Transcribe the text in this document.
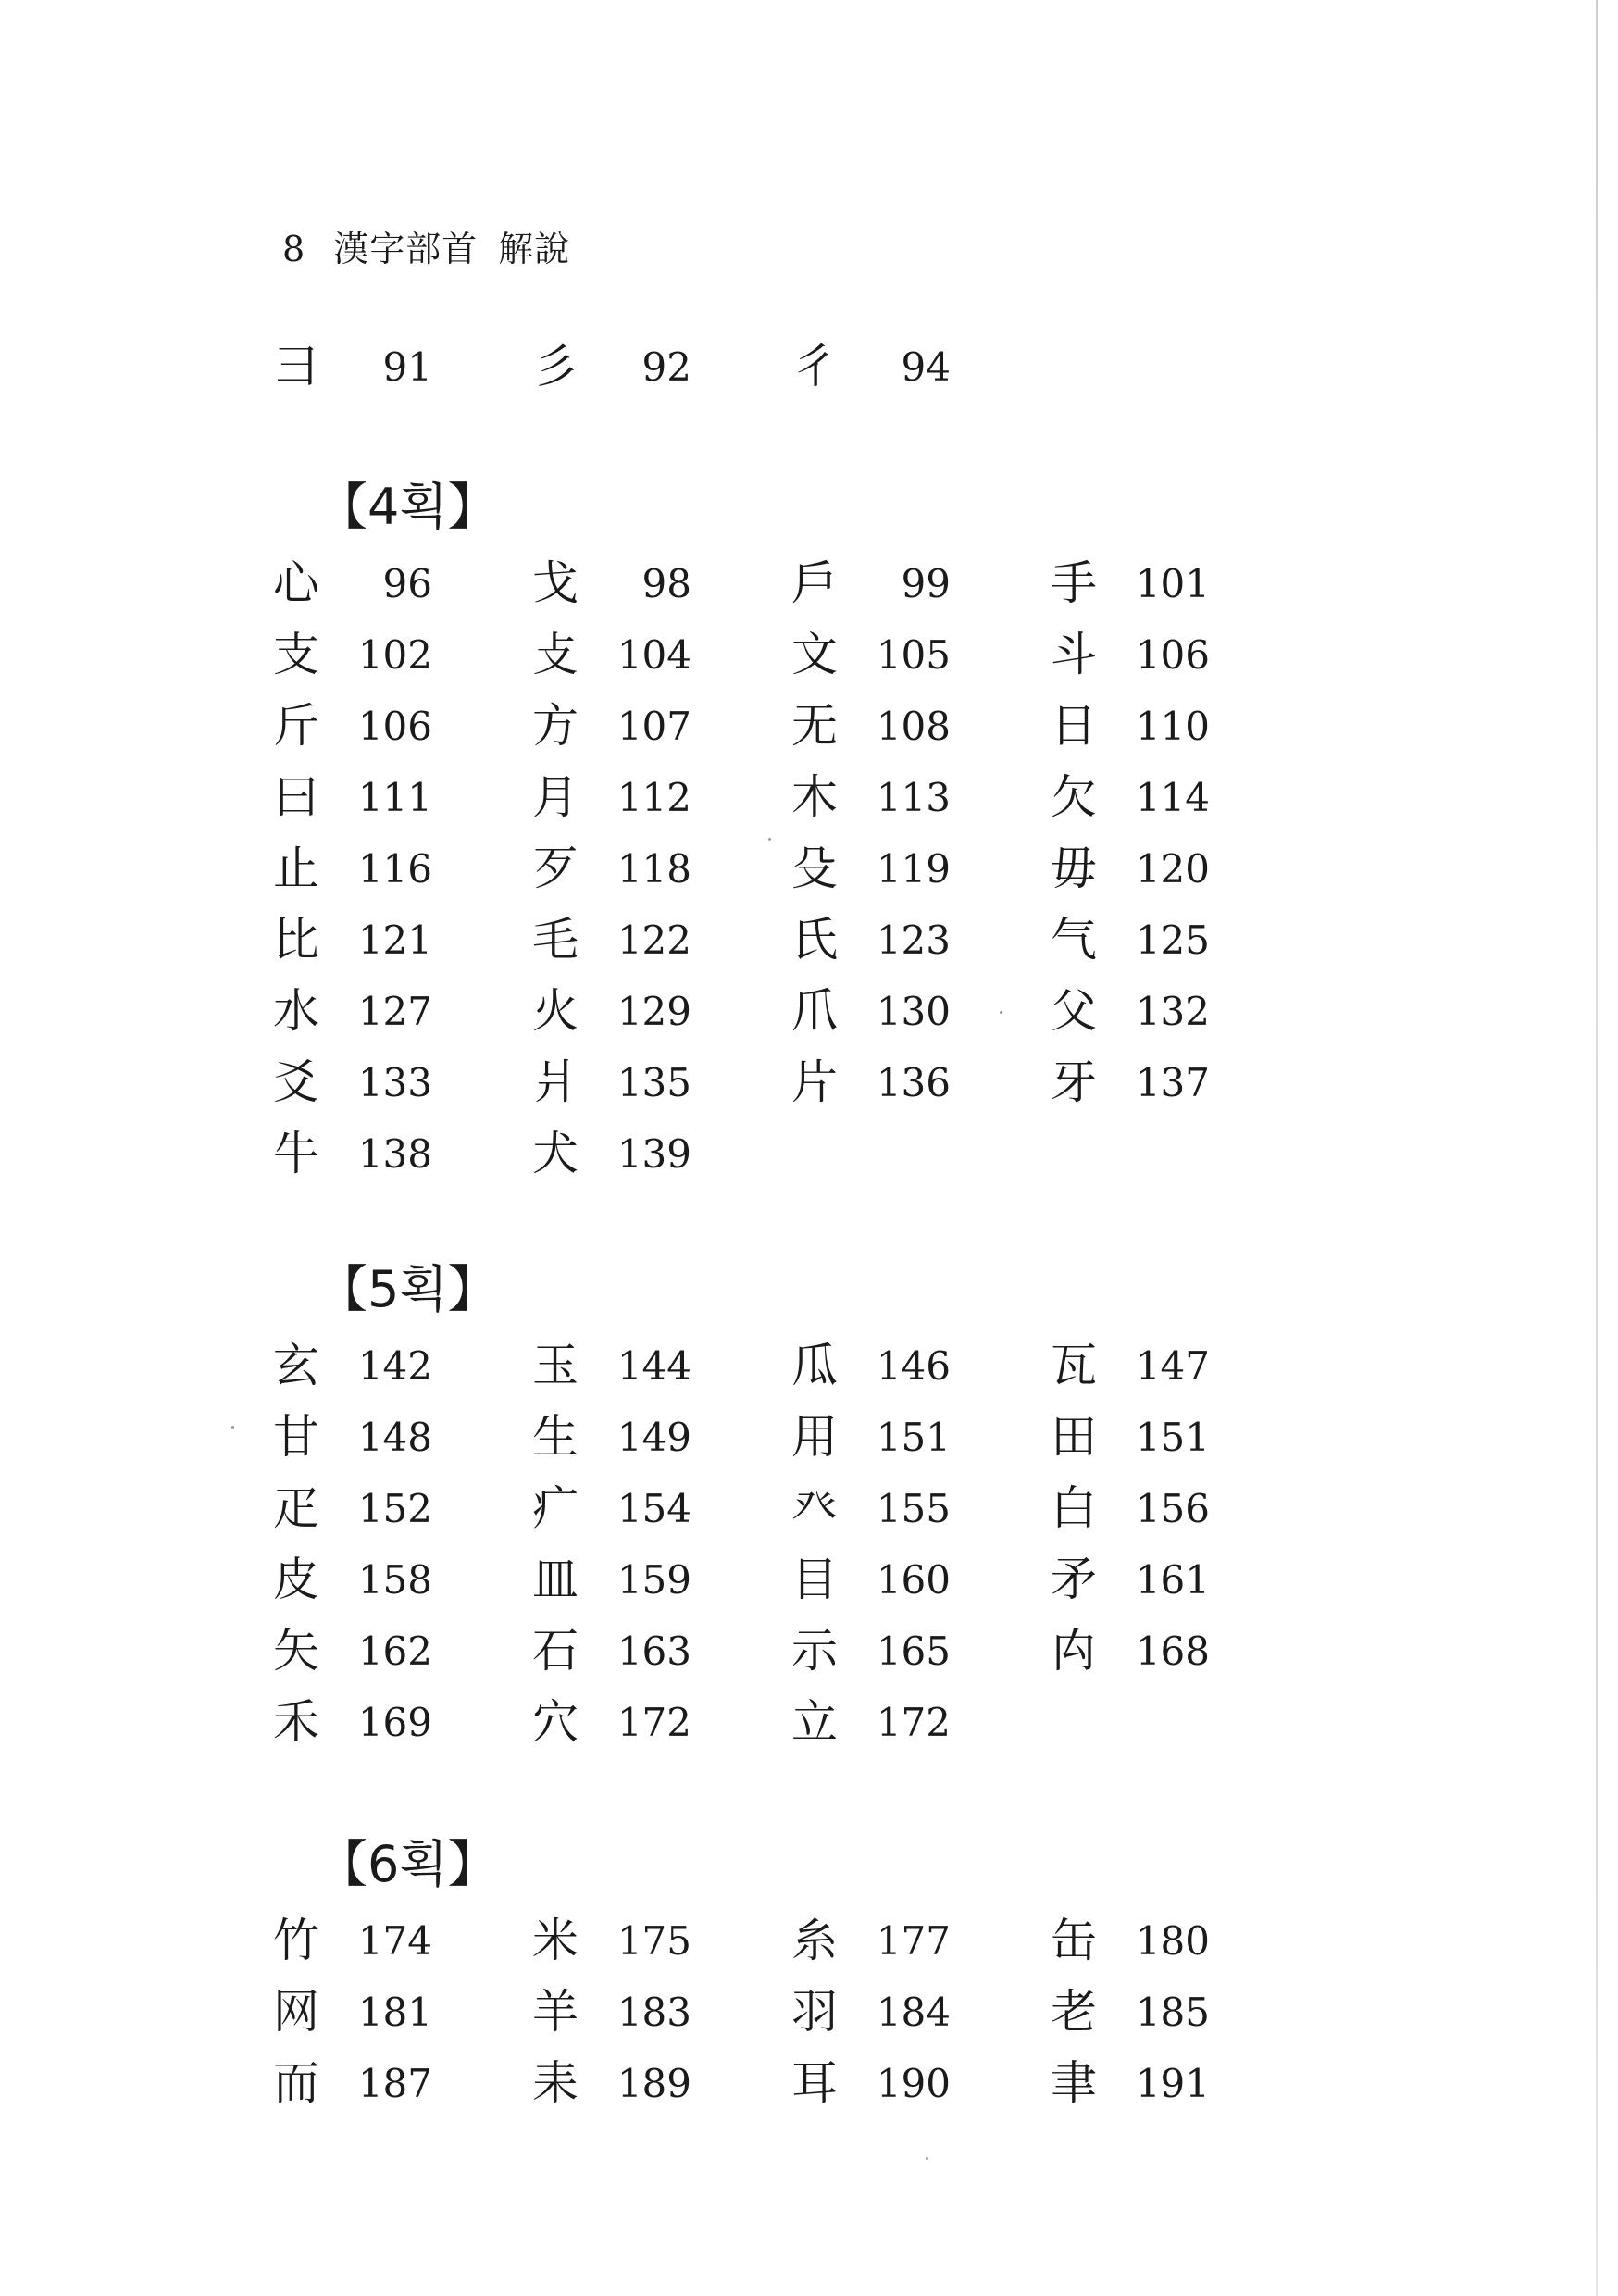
8 漢字部首 解說
彐 91 彡 92 彳 94
【4획】
心 96 戈 98 戶 99 手 101
支 102 攴 104 文 105 斗 106
斤 106 方 107 无 108 日 110
曰 111 月 112 木 113 欠 114
止 116 歹 118 殳 119 毋 120
比 121 毛 122 氏 123 气 125
水 127 火 129 爪 130 父 132
爻 133 爿 135 片 136 牙 137
牛 138 犬 139
【5획】
玄 142 玉 144 瓜 146 瓦 147
甘 148 生 149 用 151 田 151
疋 152 疒 154 癶 155 白 156
皮 158 皿 159 目 160 矛 161
矢 162 石 163 示 165 禸 168
禾 169 穴 172 立 172
【6획】
竹 174 米 175 糸 177 缶 180
网 181 羊 183 羽 184 老 185
而 187 耒 189 耳 190 聿 191
